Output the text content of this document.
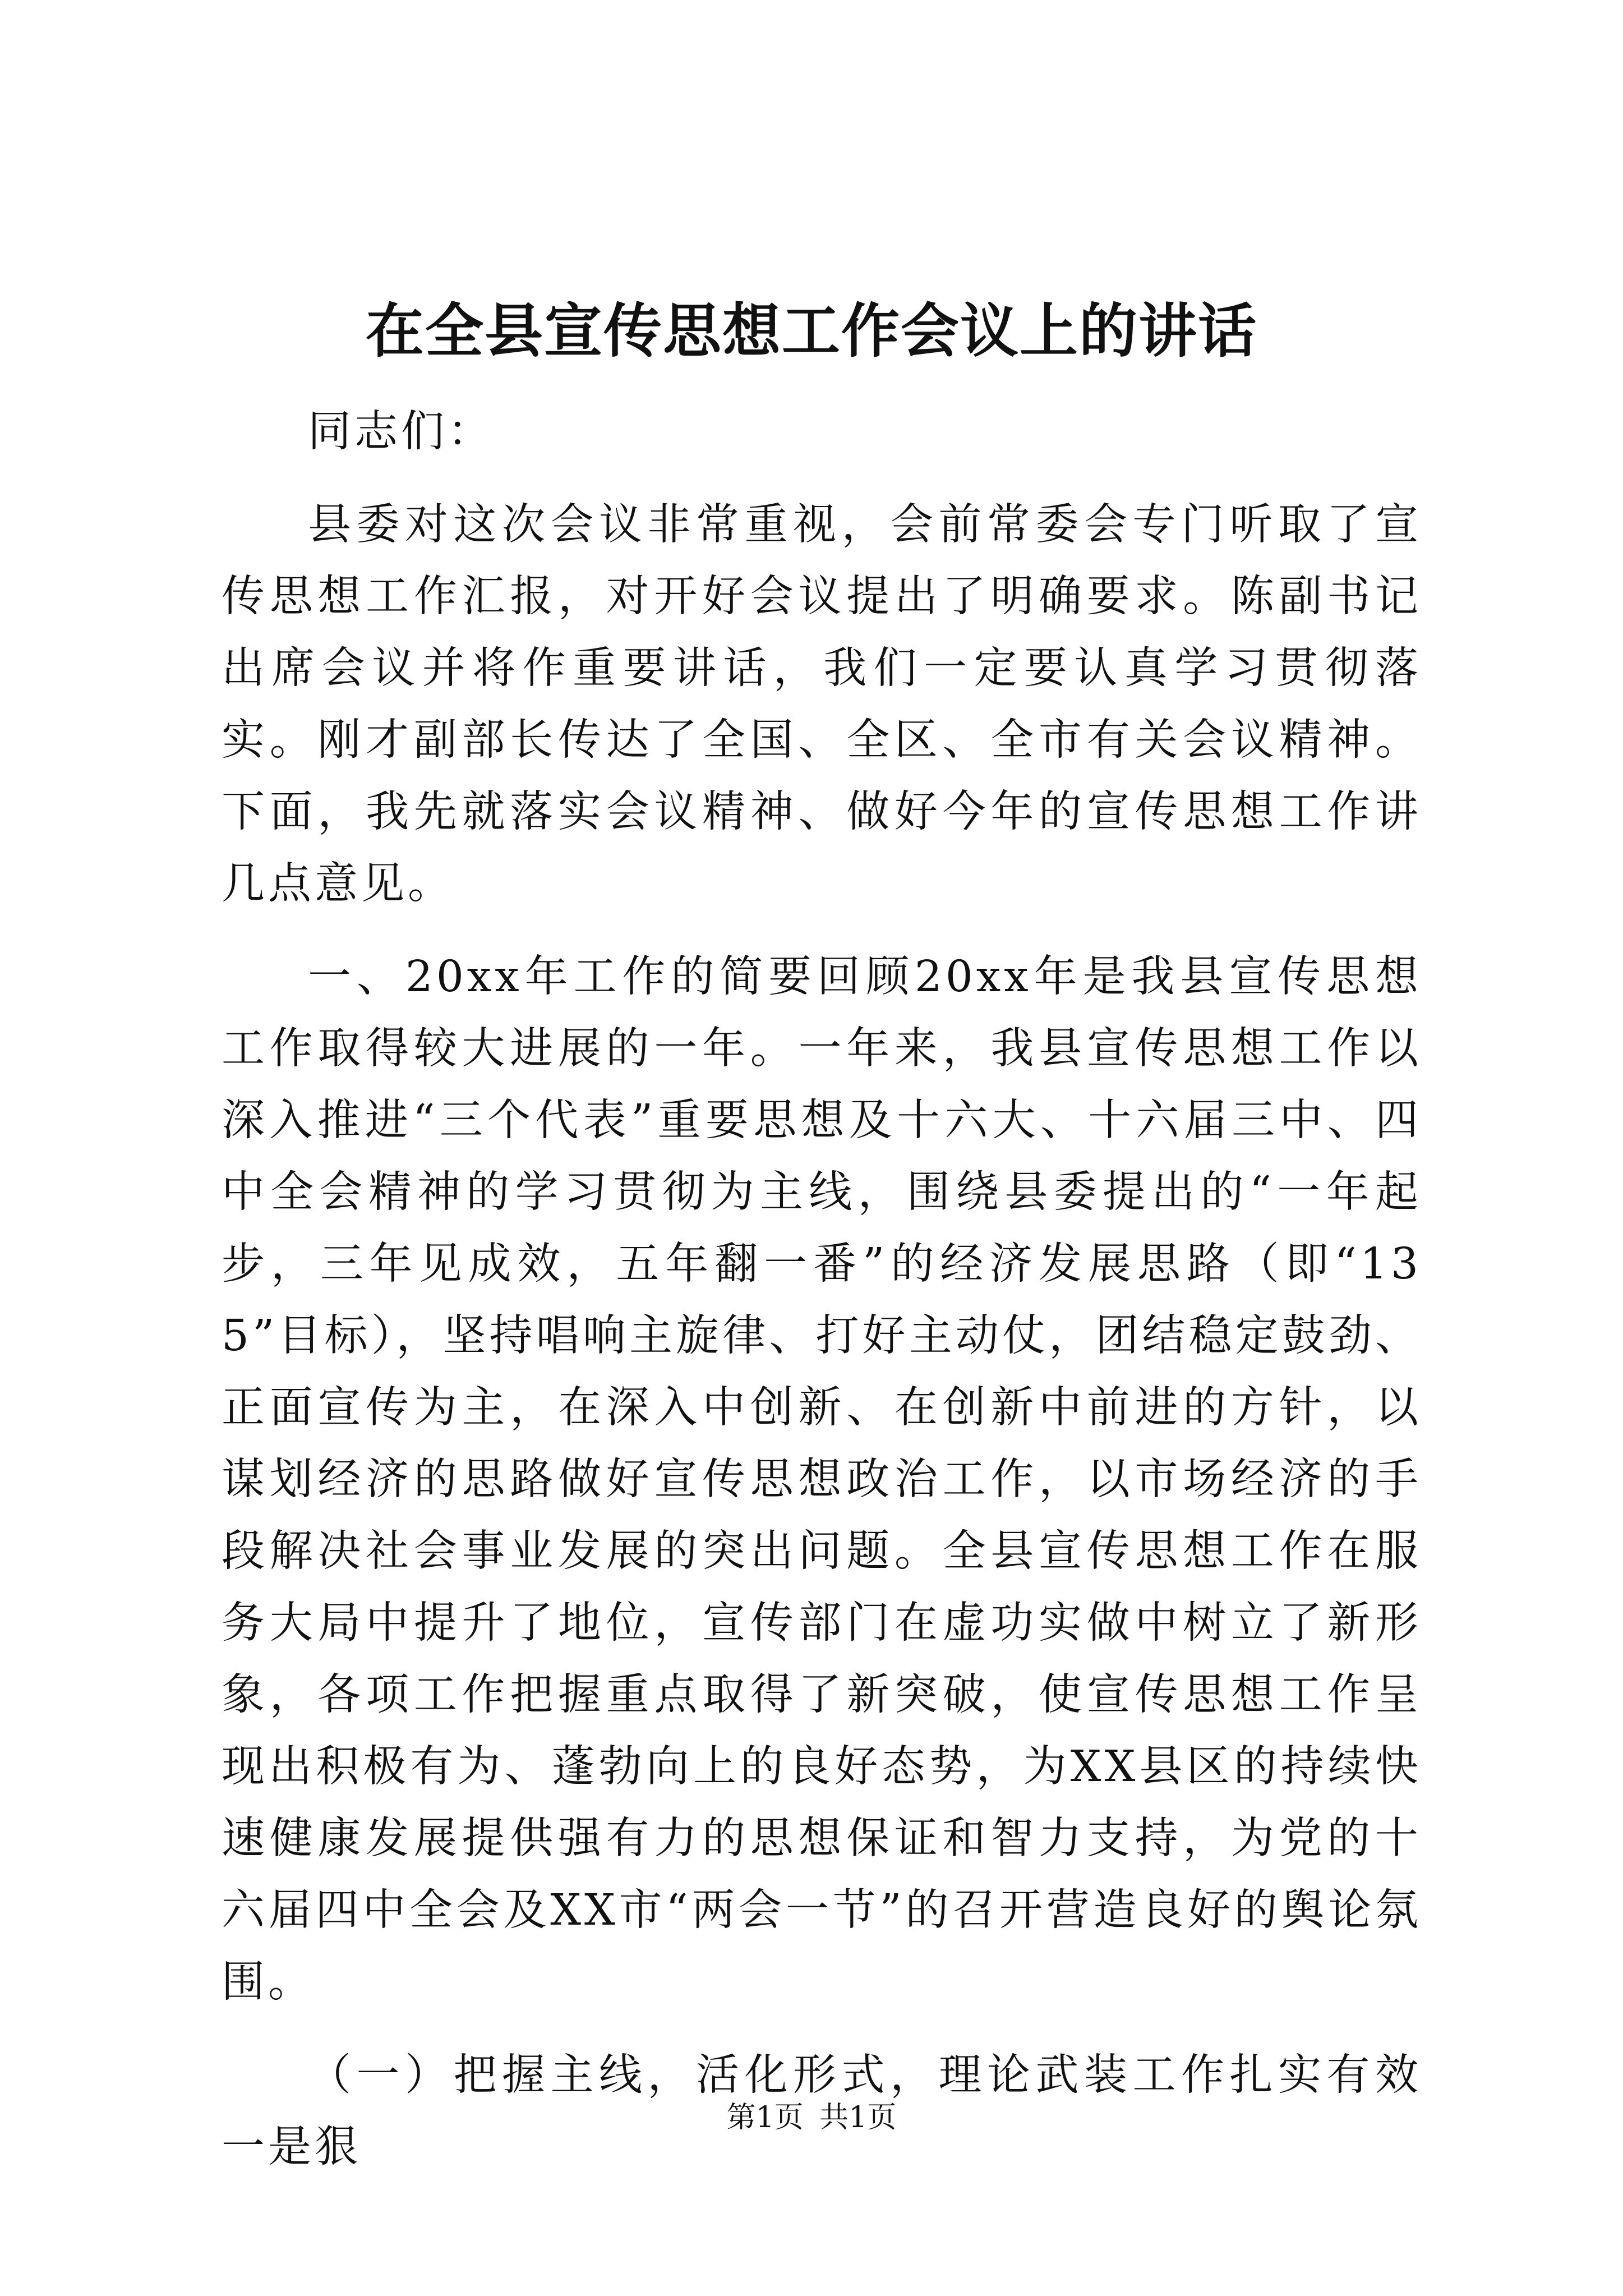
在全县宣传思想工作会议上的讲话

同志们：

县委对这次会议非常重视，会前常委会专门听取了宣传思想工作汇报，对开好会议提出了明确要求。陈副书记出席会议并将作重要讲话，我们一定要认真学习贯彻落实。刚才副部长传达了全国、全区、全市有关会议精神。下面，我先就落实会议精神、做好今年的宣传思想工作讲几点意见。

一、20xx年工作的简要回顾20xx年是我县宣传思想工作取得较大进展的一年。一年来，我县宣传思想工作以深入推进“三个代表”重要思想及十六大、十六届三中、四中全会精神的学习贯彻为主线，围绕县委提出的“一年起步，三年见成效，五年翻一番”的经济发展思路（即“135”目标），坚持唱响主旋律、打好主动仗，团结稳定鼓劲、正面宣传为主，在深入中创新、在创新中前进的方针，以谋划经济的思路做好宣传思想政治工作，以市场经济的手段解决社会事业发展的突出问题。全县宣传思想工作在服务大局中提升了地位，宣传部门在虚功实做中树立了新形象，各项工作把握重点取得了新突破，使宣传思想工作呈现出积极有为、蓬勃向上的良好态势，为XX县区的持续快速健康发展提供强有力的思想保证和智力支持，为党的十六届四中全会及XX市“两会一节”的召开营造良好的舆论氛围。

（一）把握主线，活化形式，理论武装工作扎实有效一是狠

第1页 共1页
